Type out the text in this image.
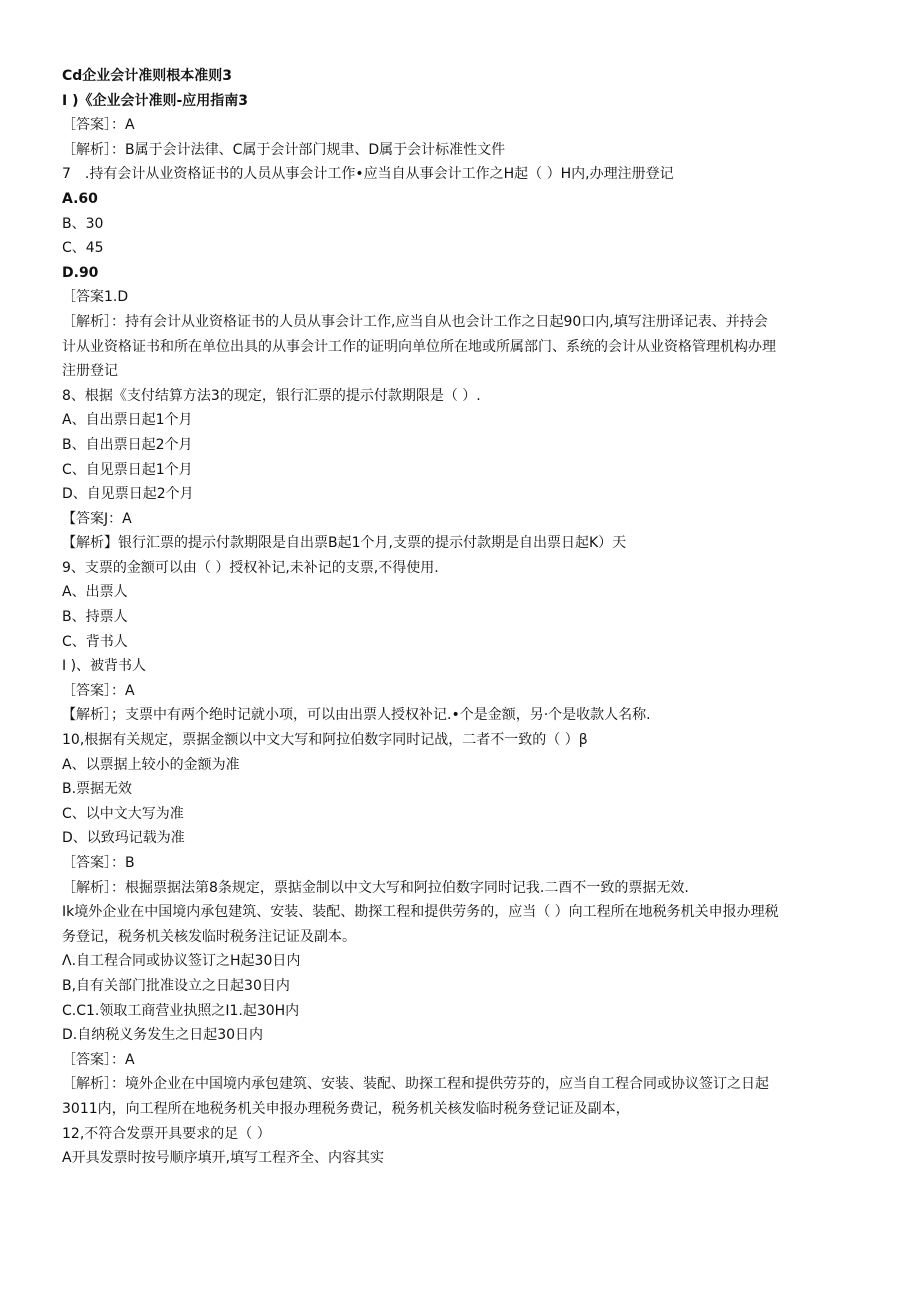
Cd企业会计准则根本准则3
I )《企业会计准则-应用指南3
［答案］：A
［解析］：B属于会计法律、C属于会计部门规聿、D属于会计标准性文件
7　.持有会计从业资格证书的人员从事会计工作•应当自从事会计工作之H起（ ）H内,办理注册登记
A.60
B、30
C、45
D.90
［答案1.D
［解析］：持有会计从业资格证书的人员从事会计工作,应当自从也会计工作之日起90口内,填写注册译记表、并持会
计从业资格证书和所在单位出具的从事会计工作的证明向单位所在地或所属部门、系统的会计从业资格管理机构办理
注册登记
8、根据《支付结算方法3的现定，银行汇票的提示付款期限是（ ）.
A、自出票日起1个月
B、自出票日起2个月
C、自见票日起1个月
D、自见票日起2个月
【答案J：A
【解析】银行汇票的提示付款期限是自出票B起1个月,支票的提示付款期是自出票日起K）天
9、支票的金额可以由（ ）授权补记,未补记的支票,不得使用.
A、出票人
B、持票人
C、背书人
I )、被背书人
［答案］：A
【解析］；支票中有两个绝时记就小项，可以由出票人授权补记.•个是金额，另·个是收款人名称.
10,根据有关规定，票据金额以中文大写和阿拉伯数字同时记战，二者不一致的（ ）β
A、以票据上较小的金额为准
B.票据无效
C、以中文大写为准
D、以致玛记载为准
［答案］：B
［解析］：根掘票据法第8条规定，票掂金制以中文大写和阿拉伯数字同时记我.二酉不一致的票据无效.
Ik境外企业在中国境内承包建筑、安装、装配、勘探工程和提供劳务的，应当（ ）向工程所在地税务机关申报办理税
务登记，税务机关核发临时税务注记证及副本。
Λ.自工程合同或协议签订之H起30日内
B,自有关部门批准设立之日起30日内
C.C1.领取工商营业执照之I1.起30H内
D.自纳税义务发生之日起30日内
［答案］：A
［解析］：境外企业在中国境内承包建筑、安装、装配、助探工程和提供劳芬的，应当自工程合同或协议签订之日起
3011内，向工程所在地税务机关申报办理税务费记，税务机关核发临时税务登记证及副本，
12,不符合发票开具要求的足（ ）
A开具发票时按号顺序填开,填写工程齐全、内容其实
